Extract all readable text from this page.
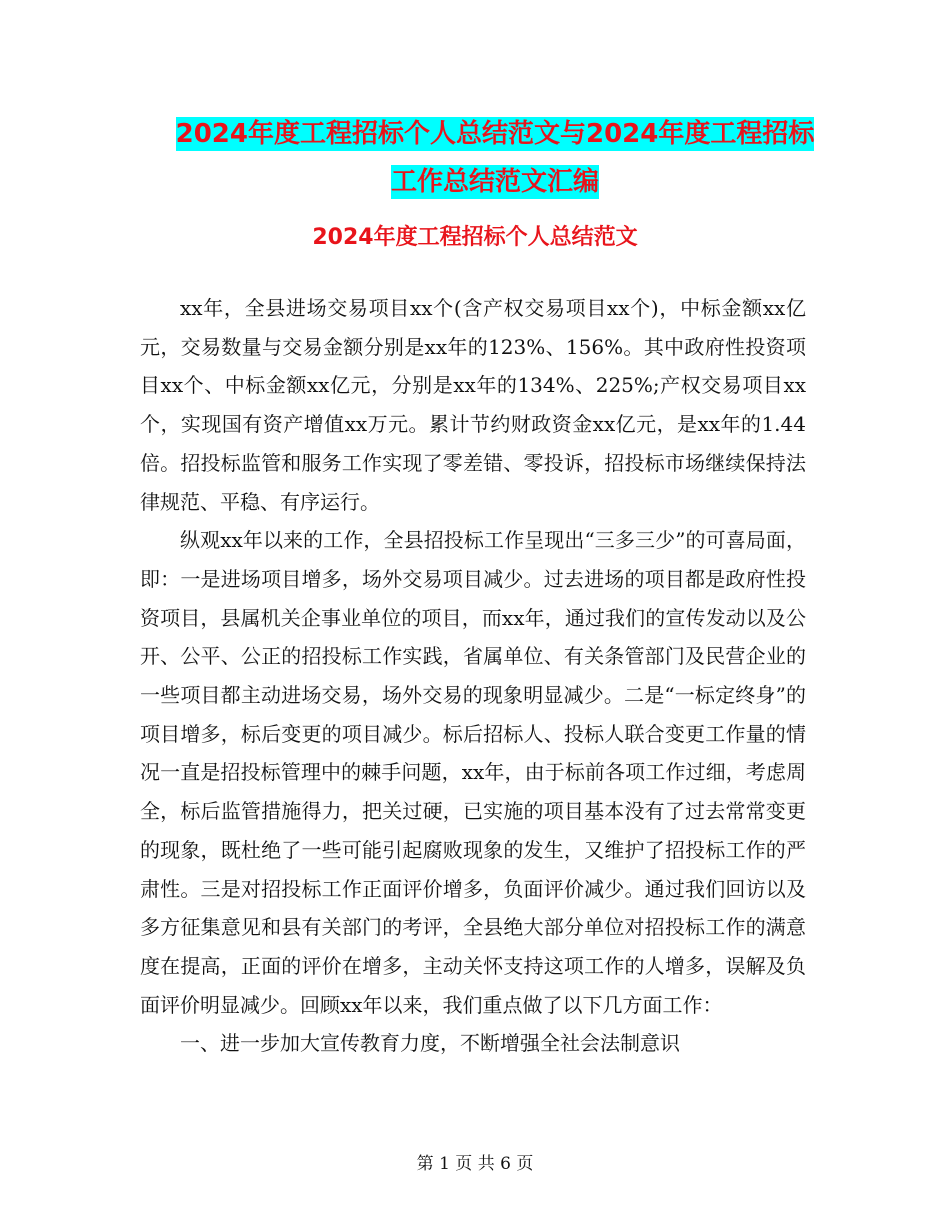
2024年度工程招标个人总结范文与2024年度工程招标
工作总结范文汇编
2024年度工程招标个人总结范文

xx年，全县进场交易项目xx个(含产权交易项目xx个)，中标金额xx亿元，交易数量与交易金额分别是xx年的123%、156%。其中政府性投资项目xx个、中标金额xx亿元，分别是xx年的134%、225%;产权交易项目xx个，实现国有资产增值xx万元。累计节约财政资金xx亿元，是xx年的1.44倍。招投标监管和服务工作实现了零差错、零投诉，招投标市场继续保持法律规范、平稳、有序运行。

纵观xx年以来的工作，全县招投标工作呈现出“三多三少”的可喜局面，即：一是进场项目增多，场外交易项目减少。过去进场的项目都是政府性投资项目，县属机关企事业单位的项目，而xx年，通过我们的宣传发动以及公开、公平、公正的招投标工作实践，省属单位、有关条管部门及民营企业的一些项目都主动进场交易，场外交易的现象明显减少。二是“一标定终身”的项目增多，标后变更的项目减少。标后招标人、投标人联合变更工作量的情况一直是招投标管理中的棘手问题，xx年，由于标前各项工作过细，考虑周全，标后监管措施得力，把关过硬，已实施的项目基本没有了过去常常变更的现象，既杜绝了一些可能引起腐败现象的发生，又维护了招投标工作的严肃性。三是对招投标工作正面评价增多，负面评价减少。通过我们回访以及多方征集意见和县有关部门的考评，全县绝大部分单位对招投标工作的满意度在提高，正面的评价在增多，主动关怀支持这项工作的人增多，误解及负面评价明显减少。回顾xx年以来，我们重点做了以下几方面工作：

一、进一步加大宣传教育力度，不断增强全社会法制意识

第 1 页 共 6 页
